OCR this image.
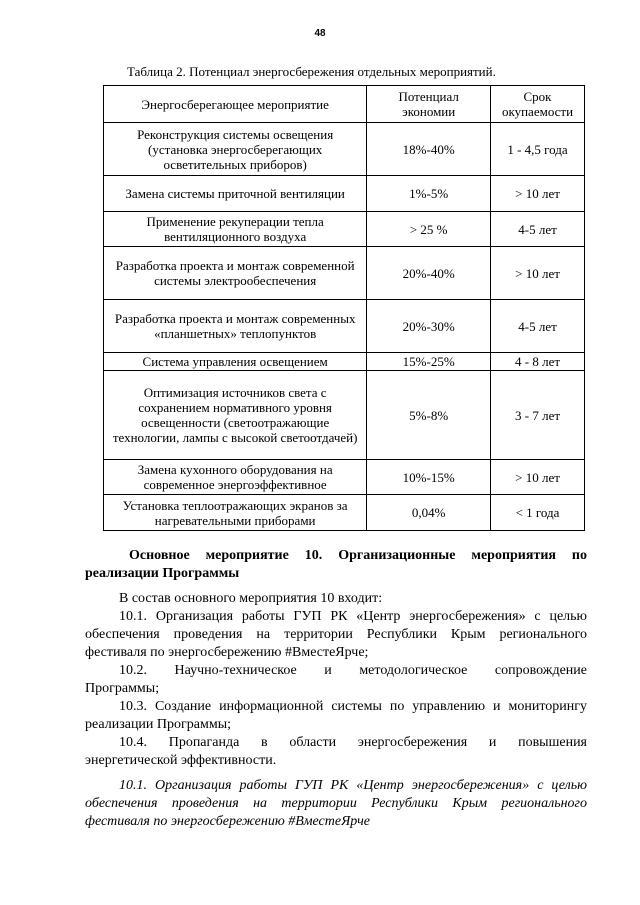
48
Таблица 2. Потенциал энергосбережения отдельных мероприятий.
Энергосберегающее мероприятие	Потенциал экономии	Срок окупаемости
Реконструкция системы освещения (установка энергосберегающих осветительных приборов)	18%-40%	1 - 4,5 года
Замена системы приточной вентиляции	1%-5%	> 10 лет
Применение рекуперации тепла вентиляционного воздуха	> 25 %	4-5 лет
Разработка проекта и монтаж современной системы электрообеспечения	20%-40%	> 10 лет
Разработка проекта и монтаж современных «планшетных» теплопунктов	20%-30%	4-5 лет
Система управления освещением	15%-25%	4 - 8 лет
Оптимизация источников света с сохранением нормативного уровня освещенности (светоотражающие технологии, лампы с высокой светоотдачей)	5%-8%	3 - 7 лет
Замена кухонного оборудования на современное энергоэффективное	10%-15%	> 10 лет
Установка теплоотражающих экранов за нагревательными приборами	0,04%	< 1 года
Основное мероприятие 10. Организационные мероприятия по
реализации Программы
В состав основного мероприятия 10 входит:
10.1. Организация работы ГУП РК «Центр энергосбережения» с целью
обеспечения проведения на территории Республики Крым регионального
фестиваля по энергосбережению #ВместеЯрче;
10.2. Научно-техническое и методологическое сопровождение
Программы;
10.3. Создание информационной системы по управлению и мониторингу
реализации Программы;
10.4. Пропаганда в области энергосбережения и повышения
энергетической эффективности.
10.1. Организация работы ГУП РК «Центр энергосбережения» с целью
обеспечения проведения на территории Республики Крым регионального
фестиваля по энергосбережению #ВместеЯрче
